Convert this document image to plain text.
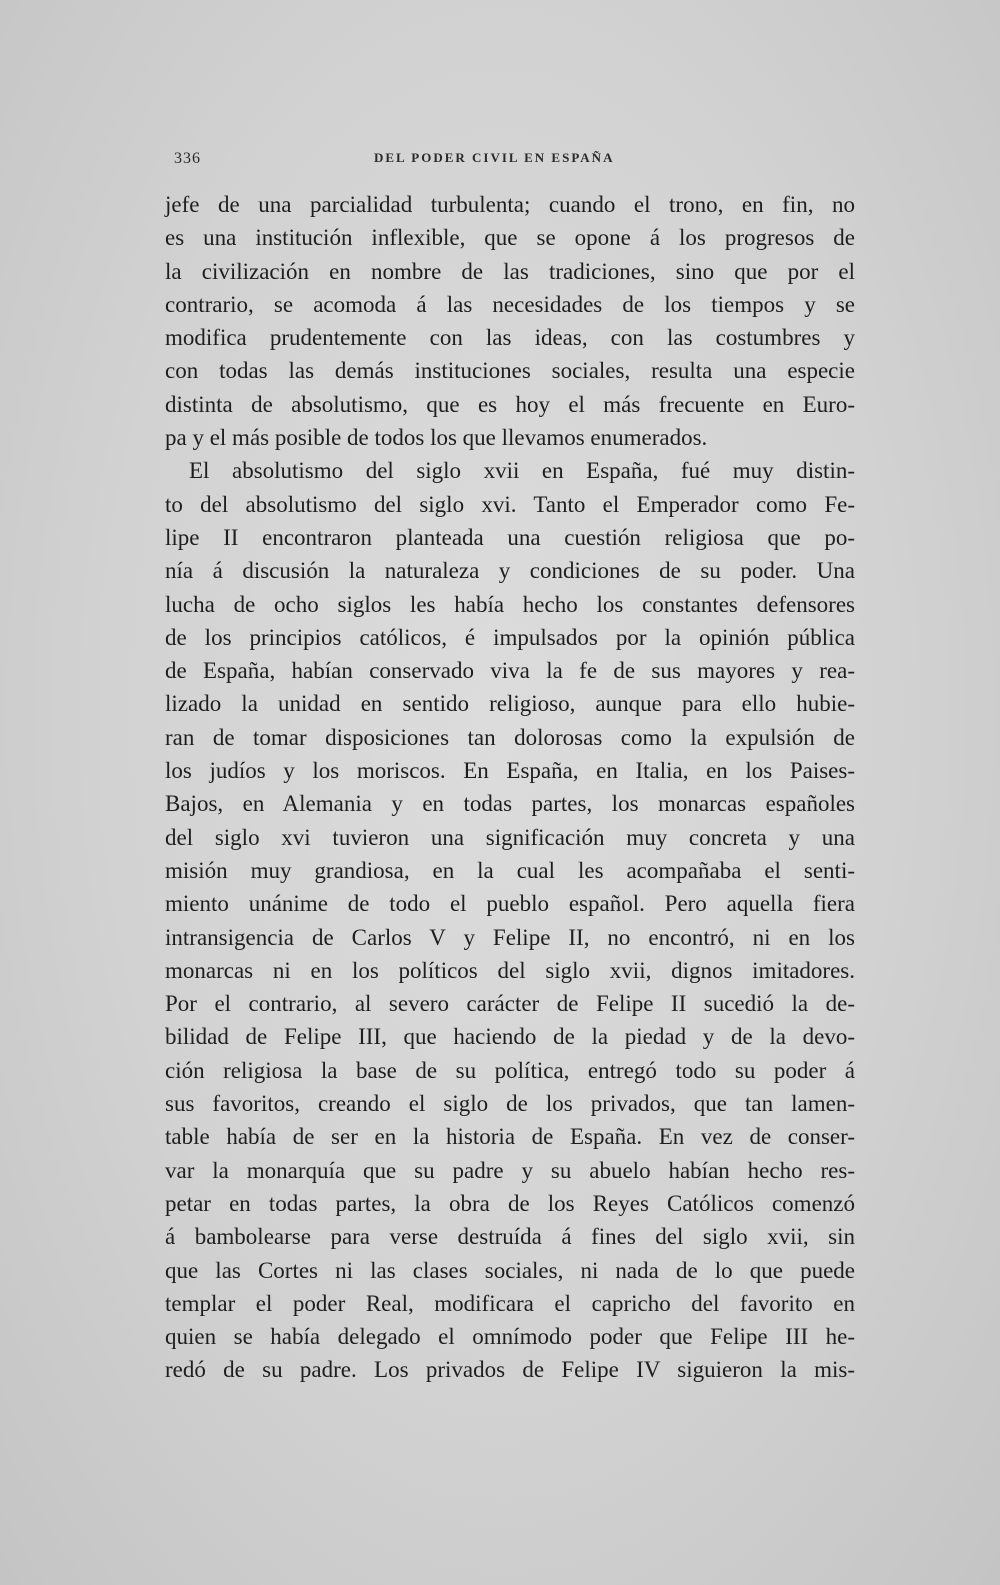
336	DEL PODER CIVIL EN ESPAÑA
jefe de una parcialidad turbulenta; cuando el trono, en fin, no
es una institución inflexible, que se opone á los progresos de
la civilización en nombre de las tradiciones, sino que por el
contrario, se acomoda á las necesidades de los tiempos y se
modifica prudentemente con las ideas, con las costumbres y
con todas las demás instituciones sociales, resulta una especie
distinta de absolutismo, que es hoy el más frecuente en Euro-
pa y el más posible de todos los que llevamos enumerados.
El absolutismo del siglo xvii en España, fué muy distin-
to del absolutismo del siglo xvi. Tanto el Emperador como Fe-
lipe II encontraron planteada una cuestión religiosa que po-
nía á discusión la naturaleza y condiciones de su poder. Una
lucha de ocho siglos les había hecho los constantes defensores
de los principios católicos, é impulsados por la opinión pública
de España, habían conservado viva la fe de sus mayores y rea-
lizado la unidad en sentido religioso, aunque para ello hubie-
ran de tomar disposiciones tan dolorosas como la expulsión de
los judíos y los moriscos. En España, en Italia, en los Paises-
Bajos, en Alemania y en todas partes, los monarcas españoles
del siglo xvi tuvieron una significación muy concreta y una
misión muy grandiosa, en la cual les acompañaba el senti-
miento unánime de todo el pueblo español. Pero aquella fiera
intransigencia de Carlos V y Felipe II, no encontró, ni en los
monarcas ni en los políticos del siglo xvii, dignos imitadores.
Por el contrario, al severo carácter de Felipe II sucedió la de-
bilidad de Felipe III, que haciendo de la piedad y de la devo-
ción religiosa la base de su política, entregó todo su poder á
sus favoritos, creando el siglo de los privados, que tan lamen-
table había de ser en la historia de España. En vez de conser-
var la monarquía que su padre y su abuelo habían hecho res-
petar en todas partes, la obra de los Reyes Católicos comenzó
á bambolearse para verse destruída á fines del siglo xvii, sin
que las Cortes ni las clases sociales, ni nada de lo que puede
templar el poder Real, modificara el capricho del favorito en
quien se había delegado el omnímodo poder que Felipe III he-
redó de su padre. Los privados de Felipe IV siguieron la mis-
